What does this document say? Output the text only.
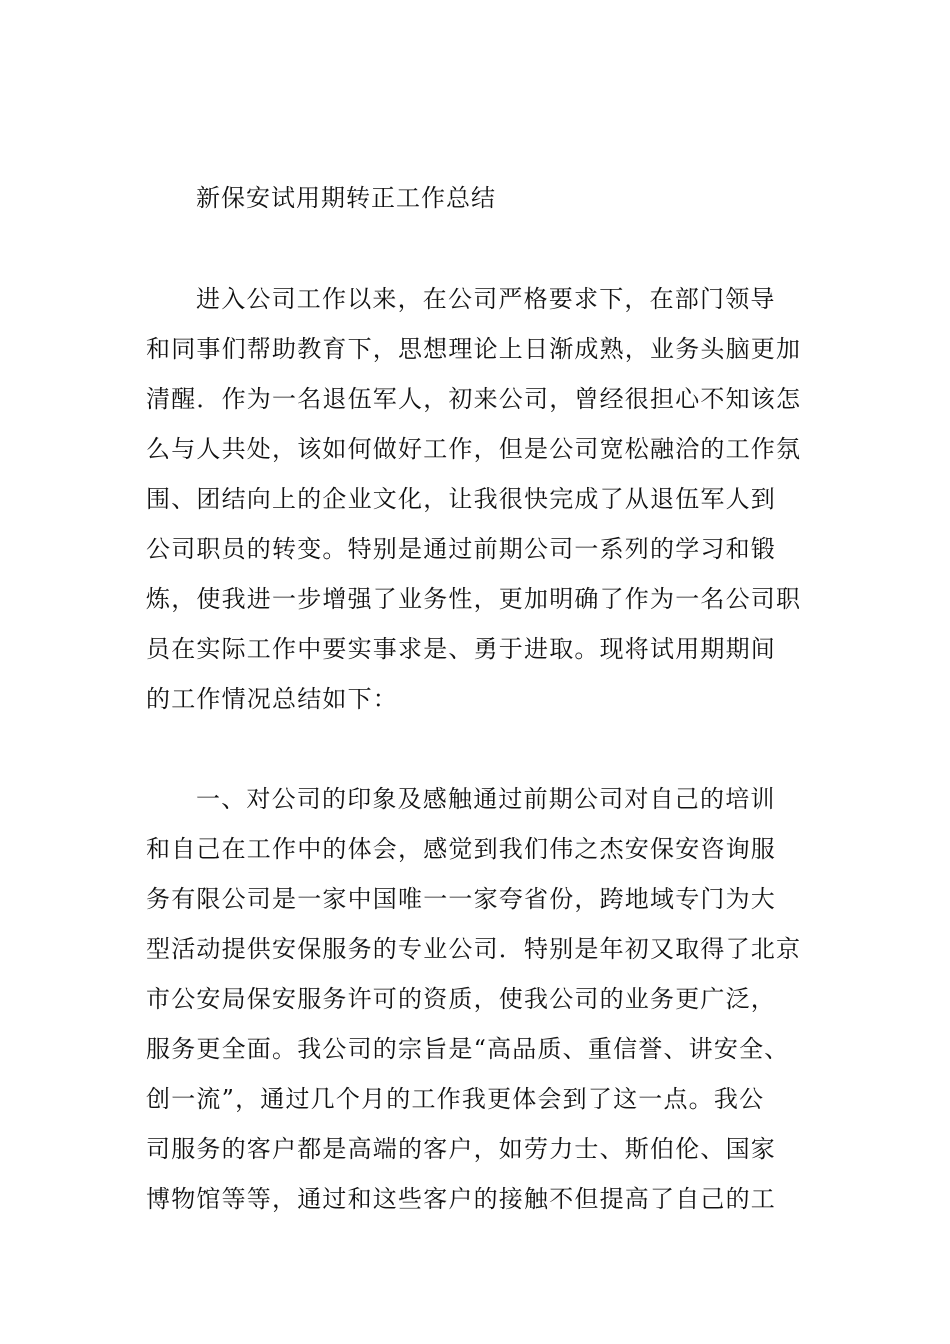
新保安试用期转正工作总结
进入公司工作以来，在公司严格要求下，在部门领导
和同事们帮助教育下，思想理论上日渐成熟，业务头脑更加
清醒．作为一名退伍军人，初来公司，曾经很担心不知该怎
么与人共处，该如何做好工作，但是公司宽松融洽的工作氛
围、团结向上的企业文化，让我很快完成了从退伍军人到
公司职员的转变。特别是通过前期公司一系列的学习和锻
炼，使我进一步增强了业务性，更加明确了作为一名公司职
员在实际工作中要实事求是、勇于进取。现将试用期期间
的工作情况总结如下：
一、对公司的印象及感触通过前期公司对自己的培训
和自己在工作中的体会，感觉到我们伟之杰安保安咨询服
务有限公司是一家中国唯一一家夸省份，跨地域专门为大
型活动提供安保服务的专业公司．特别是年初又取得了北京
市公安局保安服务许可的资质，使我公司的业务更广泛，
服务更全面。我公司的宗旨是“高品质、重信誉、讲安全、
创一流”，通过几个月的工作我更体会到了这一点。我公
司服务的客户都是高端的客户，如劳力士、斯伯伦、国家
博物馆等等，通过和这些客户的接触不但提高了自己的工
